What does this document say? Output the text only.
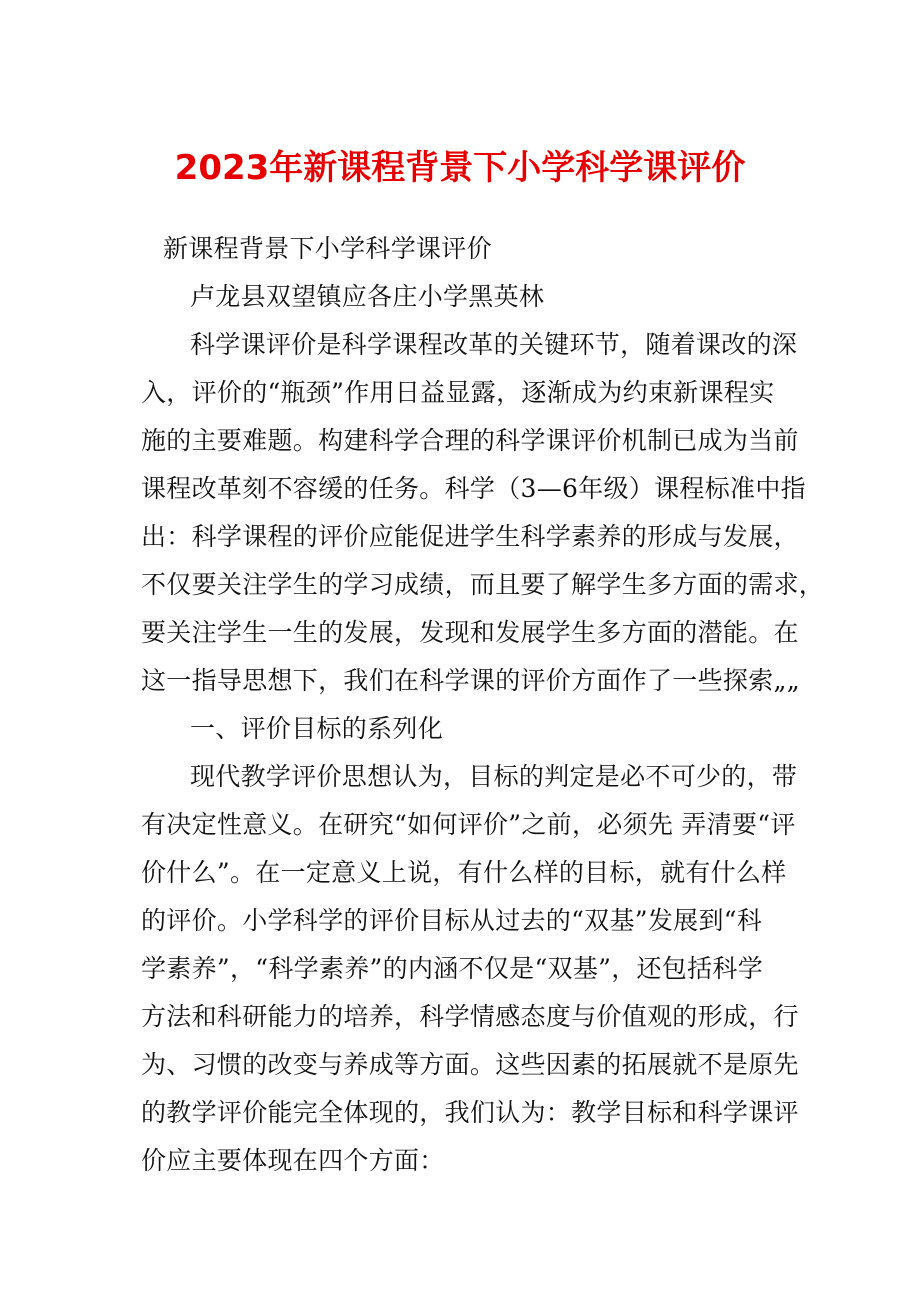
2023年新课程背景下小学科学课评价
新课程背景下小学科学课评价
卢龙县双望镇应各庄小学黑英林
科学课评价是科学课程改革的关键环节，随着课改的深
入，评价的“瓶颈”作用日益显露，逐渐成为约束新课程实
施的主要难题。构建科学合理的科学课评价机制已成为当前
课程改革刻不容缓的任务。科学（3—6年级）课程标准中指
出：科学课程的评价应能促进学生科学素养的形成与发展，
不仅要关注学生的学习成绩，而且要了解学生多方面的需求，
要关注学生一生的发展，发现和发展学生多方面的潜能。在
这一指导思想下，我们在科学课的评价方面作了一些探索„„
一、评价目标的系列化
现代教学评价思想认为，目标的判定是必不可少的，带
有决定性意义。在研究“如何评价”之前，必须先 弄清要“评
价什么”。在一定意义上说，有什么样的目标，就有什么样
的评价。小学科学的评价目标从过去的“双基”发展到“科
学素养”，“科学素养”的内涵不仅是“双基”，还包括科学
方法和科研能力的培养，科学情感态度与价值观的形成，行
为、习惯的改变与养成等方面。这些因素的拓展就不是原先
的教学评价能完全体现的，我们认为：教学目标和科学课评
价应主要体现在四个方面：
